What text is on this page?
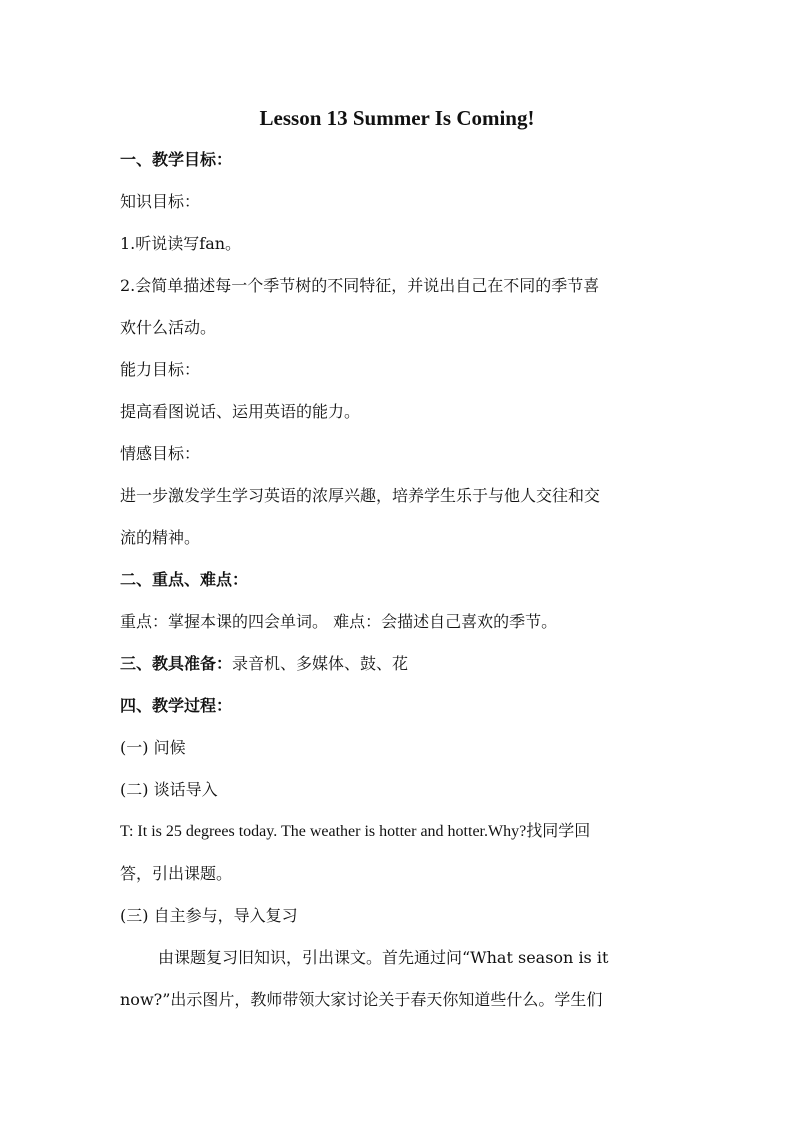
Lesson 13 Summer Is Coming!
一、教学目标：
知识目标：
1.听说读写fan。
2.会简单描述每一个季节树的不同特征，并说出自己在不同的季节喜
欢什么活动。
能力目标：
提高看图说话、运用英语的能力。
情感目标：
进一步激发学生学习英语的浓厚兴趣，培养学生乐于与他人交往和交
流的精神。
二、重点、难点：
重点：掌握本课的四会单词。 难点：会描述自己喜欢的季节。
三、教具准备：录音机、多媒体、鼓、花
四、教学过程：
(一) 问候
(二) 谈话导入
T: It is 25 degrees today. The weather is hotter and hotter.Why?找同学回
答，引出课题。
(三) 自主参与，导入复习
由课题复习旧知识，引出课文。首先通过问“What season is it
now?”出示图片，教师带领大家讨论关于春天你知道些什么。学生们
